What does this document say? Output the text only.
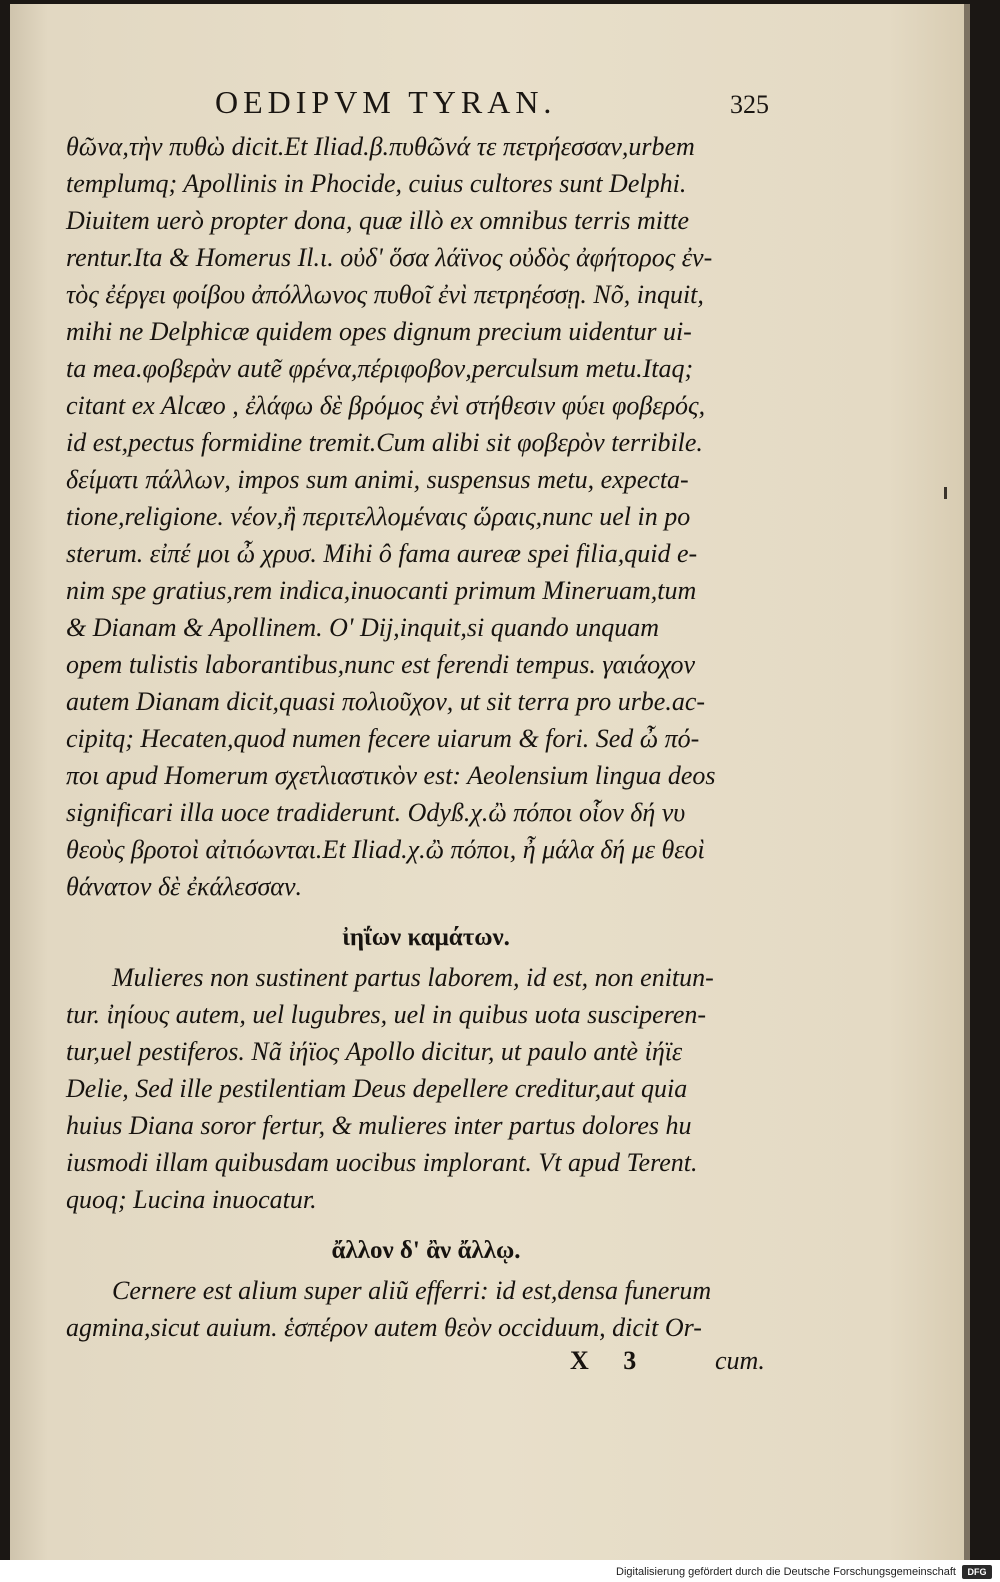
OEDIPVM TYRAN.	325
θῶνα,τὴν πυθὼ dicit.Et Iliad.β.πυθῶνά τε πετρήεσσαν,urbem
templumq; Apollinis in Phocide, cuius cultores sunt Delphi.
Diuitem uerò propter dona, quæ illò ex omnibus terris mitte
rentur.Ita & Homerus Il.ι. οὐδ' ὅσα λάϊνος οὐδὸς ἀφήτορος ἐν-
τὸς ἐέργει φοίβου ἀπόλλωνος πυθοῖ ἐνὶ πετρηέσσῃ. Nõ, inquit,
mihi ne Delphicæ quidem opes dignum precium uidentur ui-
ta mea.φοβερὰν autẽ φρένα,πέριφοβον,perculsum metu.Itaq;
citant ex Alcæo , ἐλάφω δὲ βρόμος ἐνὶ στήθεσιν φύει φοβερός,
id est,pectus formidine tremit.Cum alibi sit φοβερὸν terribile.
δείματι πάλλων, impos sum animi, suspensus metu, expecta-
tione,religione. νέον,ἢ περιτελλομέναις ὥραις,nunc uel in po
sterum. εἰπέ μοι ὦ χρυσ. Mihi ô fama aureæ spei filia,quid e-
nim spe gratius,rem indica,inuocanti primum Mineruam,tum
& Dianam & Apollinem. O' Dij,inquit,si quando unquam
opem tulistis laborantibus,nunc est ferendi tempus. γαιάοχον
autem Dianam dicit,quasi πολιοῦχον, ut sit terra pro urbe.ac-
cipitq; Hecaten,quod numen fecere uiarum & fori. Sed ὦ πό-
ποι apud Homerum σχετλιαστικὸν est: Aeolensium lingua deos
significari illa uoce tradiderunt. Odyß.χ.ὢ πόποι οἷον δή νυ
θεοὺς βροτοὶ αἰτιόωνται.Et Iliad.χ.ὢ πόποι, ἦ μάλα δή με θεοὶ
θάνατον δὲ ἐκάλεσσαν.
ἰηΐων καμάτων.
Mulieres non sustinent partus laborem, id est, non enitun-
tur. ἰηίους autem, uel lugubres, uel in quibus uota susciperen-
tur,uel pestiferos. Nã ἰήϊος Apollo dicitur, ut paulo antè ἰήϊε
Delie, Sed ille pestilentiam Deus depellere creditur,aut quia
huius Diana soror fertur, & mulieres inter partus dolores hu
iusmodi illam quibusdam uocibus implorant. Vt apud Terent.
quoq; Lucina inuocatur.
ἄλλον δ' ἂν ἄλλῳ.
Cernere est alium super aliũ efferri: id est,densa funerum
agmina,sicut auium. ἑσπέρον autem θεὸν occiduum, dicit Or-
X 3 cum.
Digitalisierung gefördert durch die Deutsche Forschungsgemeinschaft	DFG
